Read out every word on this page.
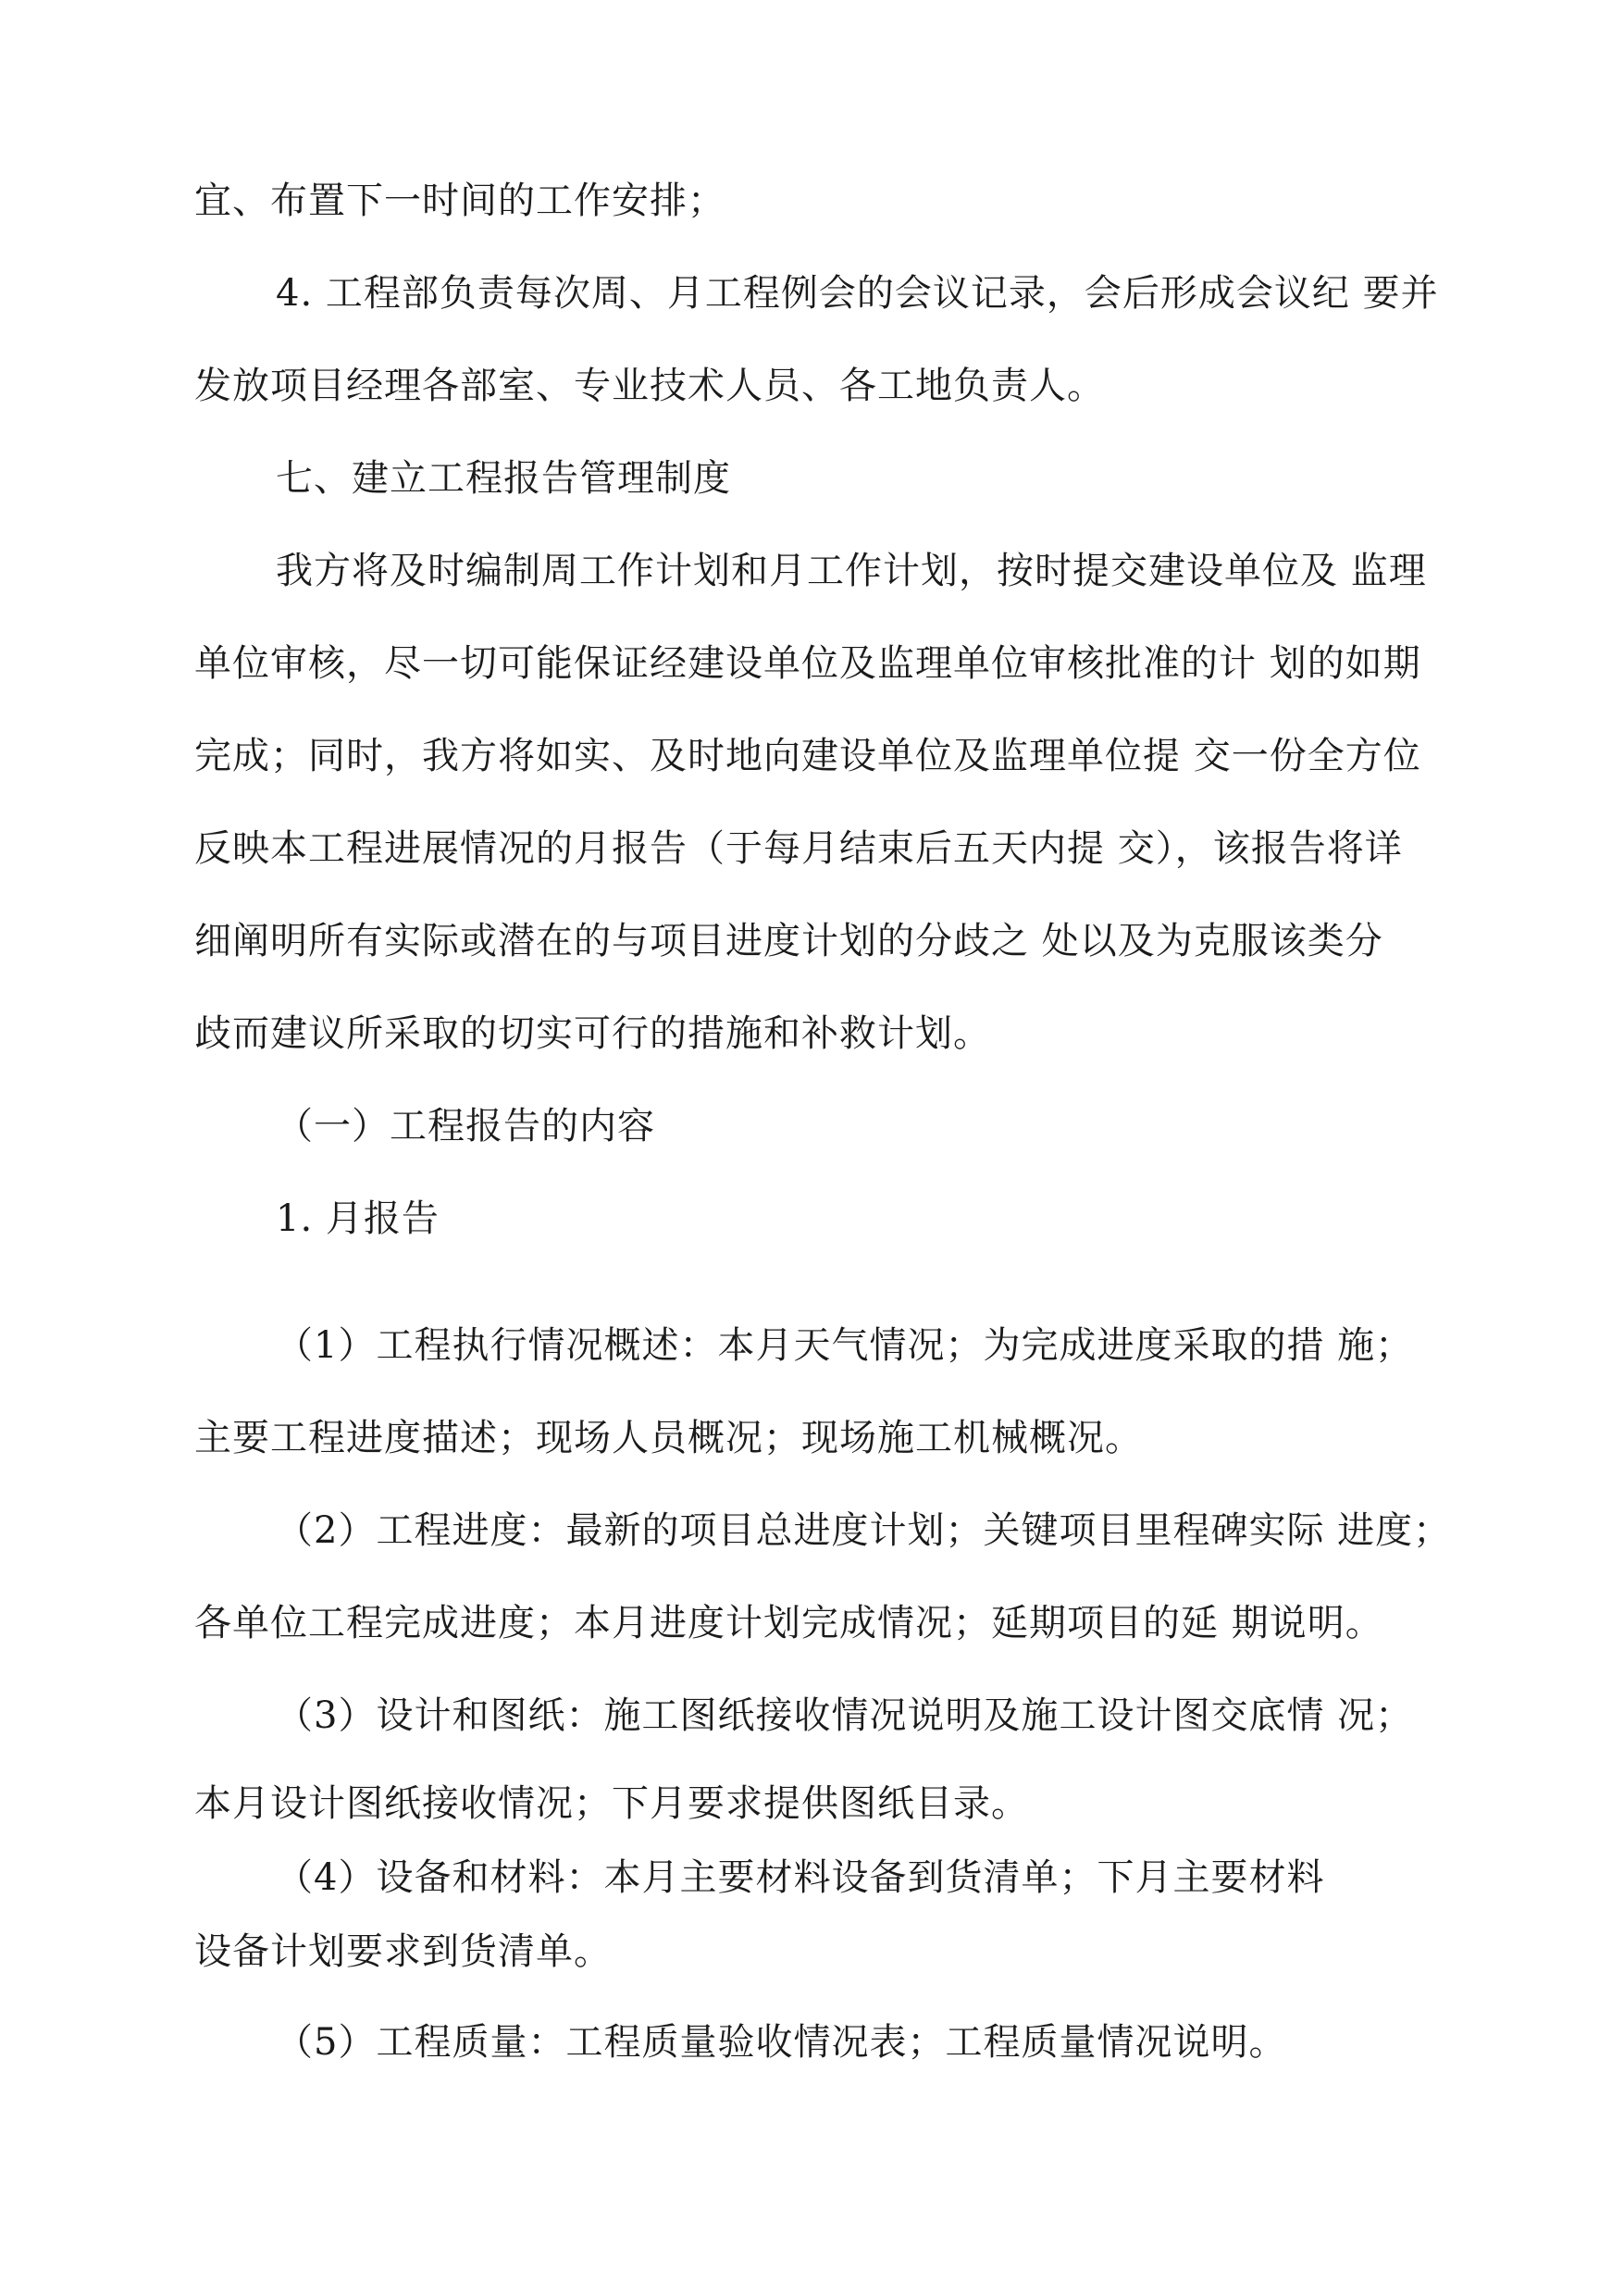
宜、布置下一时间的工作安排；

4. 工程部负责每次周、月工程例会的会议记录，会后形成会议纪 要并

发放项目经理各部室、专业技术人员、各工地负责人。

七、建立工程报告管理制度

我方将及时编制周工作计划和月工作计划，按时提交建设单位及 监理

单位审核，尽一切可能保证经建设单位及监理单位审核批准的计 划的如期

完成；同时，我方将如实、及时地向建设单位及监理单位提 交一份全方位

反映本工程进展情况的月报告（于每月结束后五天内提 交），该报告将详

细阐明所有实际或潜在的与项目进度计划的分歧之 处以及为克服该类分

歧而建议所采取的切实可行的措施和补救计划。

（一）工程报告的内容

1. 月报告

（1）工程执行情况概述：本月天气情况；为完成进度采取的措 施；

主要工程进度描述；现场人员概况；现场施工机械概况。

（2）工程进度：最新的项目总进度计划；关键项目里程碑实际 进度；

各单位工程完成进度；本月进度计划完成情况；延期项目的延 期说明。

（3）设计和图纸：施工图纸接收情况说明及施工设计图交底情 况；

本月设计图纸接收情况；下月要求提供图纸目录。

（4）设备和材料：本月主要材料设备到货清单；下月主要材料

设备计划要求到货清单。

（5）工程质量：工程质量验收情况表；工程质量情况说明。
